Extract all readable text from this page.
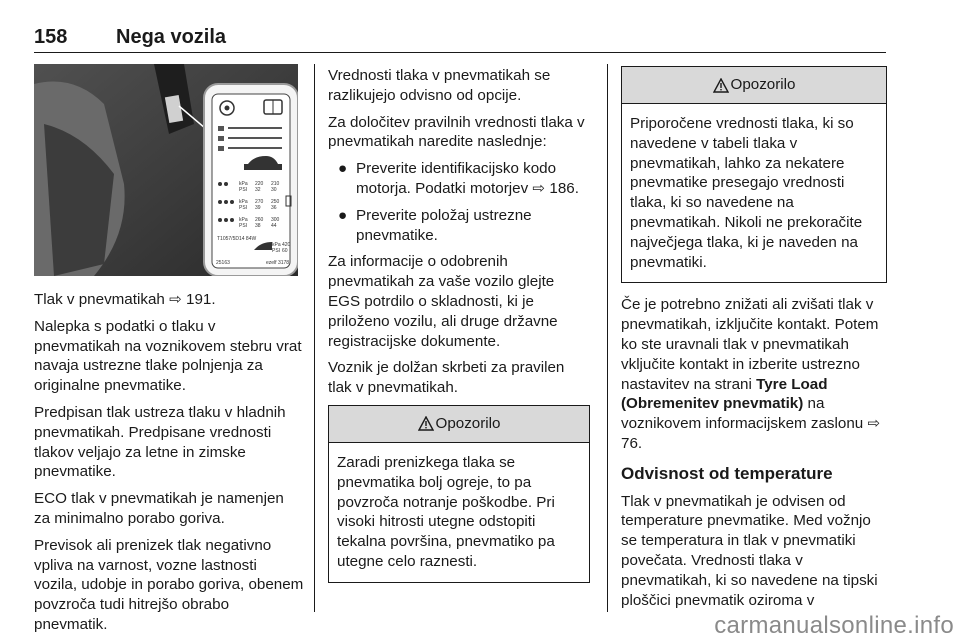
158 Nega vozila
kPa 220 210
PSI 32 30
kPa 270 250
PSI 39 36
kPa 260 300
PSI 38 44
T1057/5D14 84W
kPa 420
PSI 60
25163	ezelf 3178

Tlak v pnevmatikah ⇨ 191.

Nalepka s podatki o tlaku v pnevmatikah na voznikovem stebru vrat navaja ustrezne tlake polnjenja za originalne pnevmatike.

Predpisan tlak ustreza tlaku v hladnih pnevmatikah. Predpisane vrednosti tlakov veljajo za letne in zimske pnevmatike.

ECO tlak v pnevmatikah je namenjen za minimalno porabo goriva.

Previsok ali prenizek tlak negativno vpliva na varnost, vozne lastnosti vozila, udobje in porabo goriva, obenem povzroča tudi hitrejšo obrabo pnevmatik.

Vrednosti tlaka v pnevmatikah se razlikujejo odvisno od opcije.

Za določitev pravilnih vrednosti tlaka v pnevmatikah naredite naslednje:

● Preverite identifikacijsko kodo motorja. Podatki motorjev ⇨ 186.
● Preverite položaj ustrezne pnevmatike.

Za informacije o odobrenih pnevmatikah za vaše vozilo glejte EGS potrdilo o skladnosti, ki je priloženo vozilu, ali druge državne registracijske dokumente.

Voznik je dolžan skrbeti za pravilen tlak v pnevmatikah.

Opozorilo

Zaradi prenizkega tlaka se pnevmatika bolj ogreje, to pa povzroča notranje poškodbe. Pri visoki hitrosti utegne odstopiti tekalna površina, pnevmatiko pa utegne celo raznesti.

Opozorilo

Priporočene vrednosti tlaka, ki so navedene v tabeli tlaka v pnevmatikah, lahko za nekatere pnevmatike presegajo vrednosti tlaka, ki so navedene na pnevmatikah. Nikoli ne prekoračite največjega tlaka, ki je naveden na pnevmatiki.

Če je potrebno znižati ali zvišati tlak v pnevmatikah, izključite kontakt. Potem ko ste uravnali tlak v pnevmatikah vključite kontakt in izberite ustrezno nastavitev na strani Tyre Load (Obremenitev pnevmatik) na voznikovem informacijskem zaslonu ⇨ 76.

Odvisnost od temperature

Tlak v pnevmatikah je odvisen od temperature pnevmatike. Med vožnjo se temperatura in tlak v pnevmatiki povečata. Vrednosti tlaka v pnevmatikah, ki so navedene na tipski ploščici pnevmatik oziroma v

carmanualsonline.info
